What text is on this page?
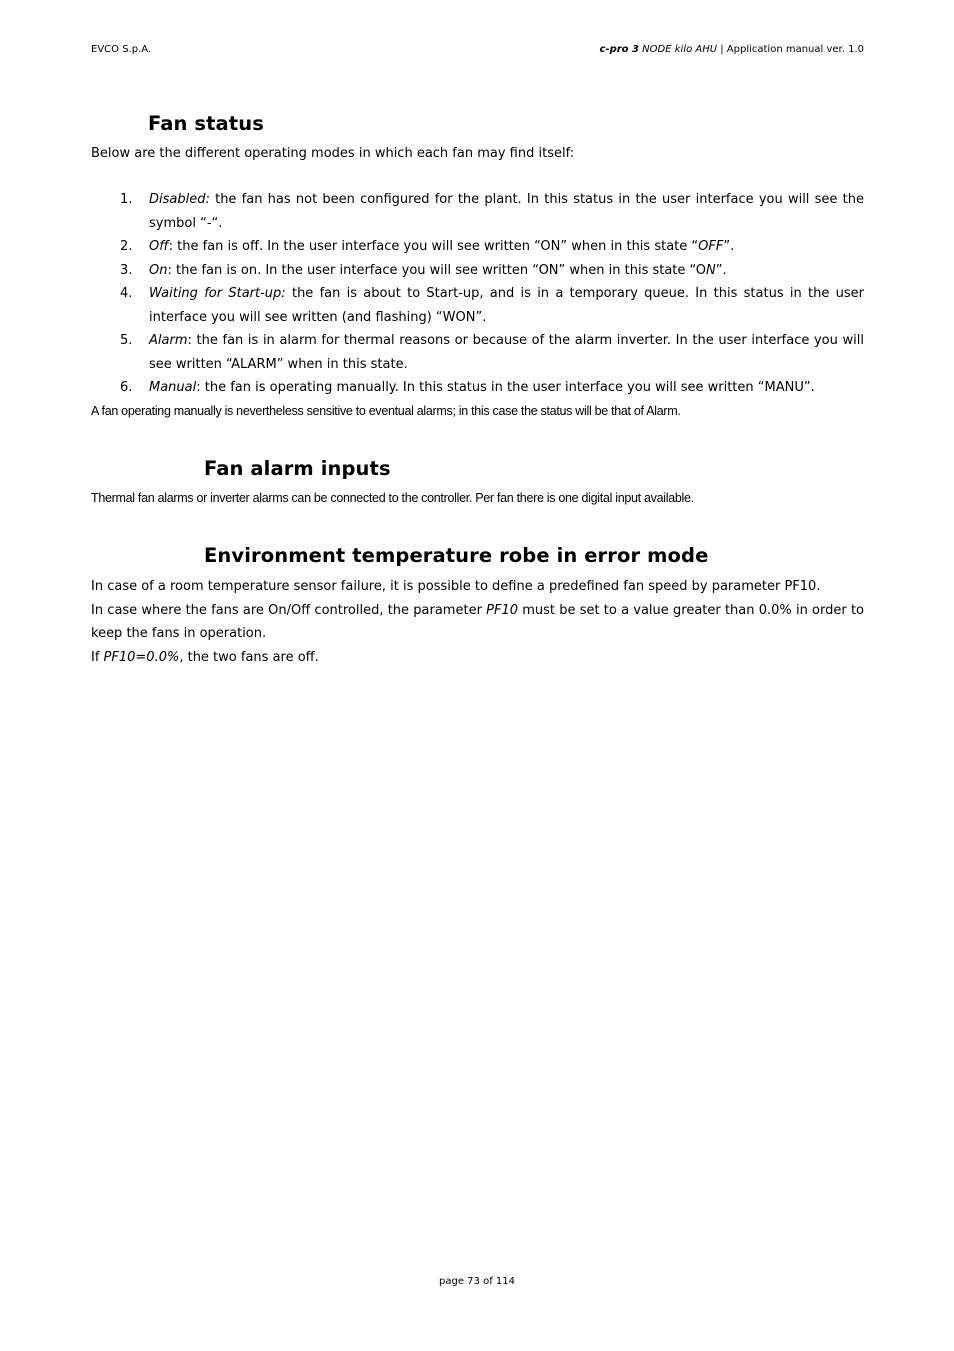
EVCO S.p.A.	c-pro 3 NODE kilo AHU | Application manual ver. 1.0
Fan status
Below are the different operating modes in which each fan may find itself:
1. Disabled: the fan has not been configured for the plant. In this status in the user interface you will see the symbol “-“.
2. Off: the fan is off. In the user interface you will see written “ON” when in this state “OFF”.
3. On: the fan is on. In the user interface you will see written “ON” when in this state “ON”.
4. Waiting for Start-up: the fan is about to Start-up, and is in a temporary queue. In this status in the user interface you will see written (and flashing) “WON”.
5. Alarm: the fan is in alarm for thermal reasons or because of the alarm inverter. In the user interface you will see written “ALARM” when in this state.
6. Manual: the fan is operating manually. In this status in the user interface you will see written “MANU”.
A fan operating manually is nevertheless sensitive to eventual alarms; in this case the status will be that of Alarm.
Fan alarm inputs
Thermal fan alarms or inverter alarms can be connected to the controller. Per fan there is one digital input available.
Environment temperature robe in error mode
In case of a room temperature sensor failure, it is possible to define a predefined fan speed by parameter PF10.
In case where the fans are On/Off controlled, the parameter PF10 must be set to a value greater than 0.0% in order to keep the fans in operation.
If PF10=0.0%, the two fans are off.
page 73 of 114
